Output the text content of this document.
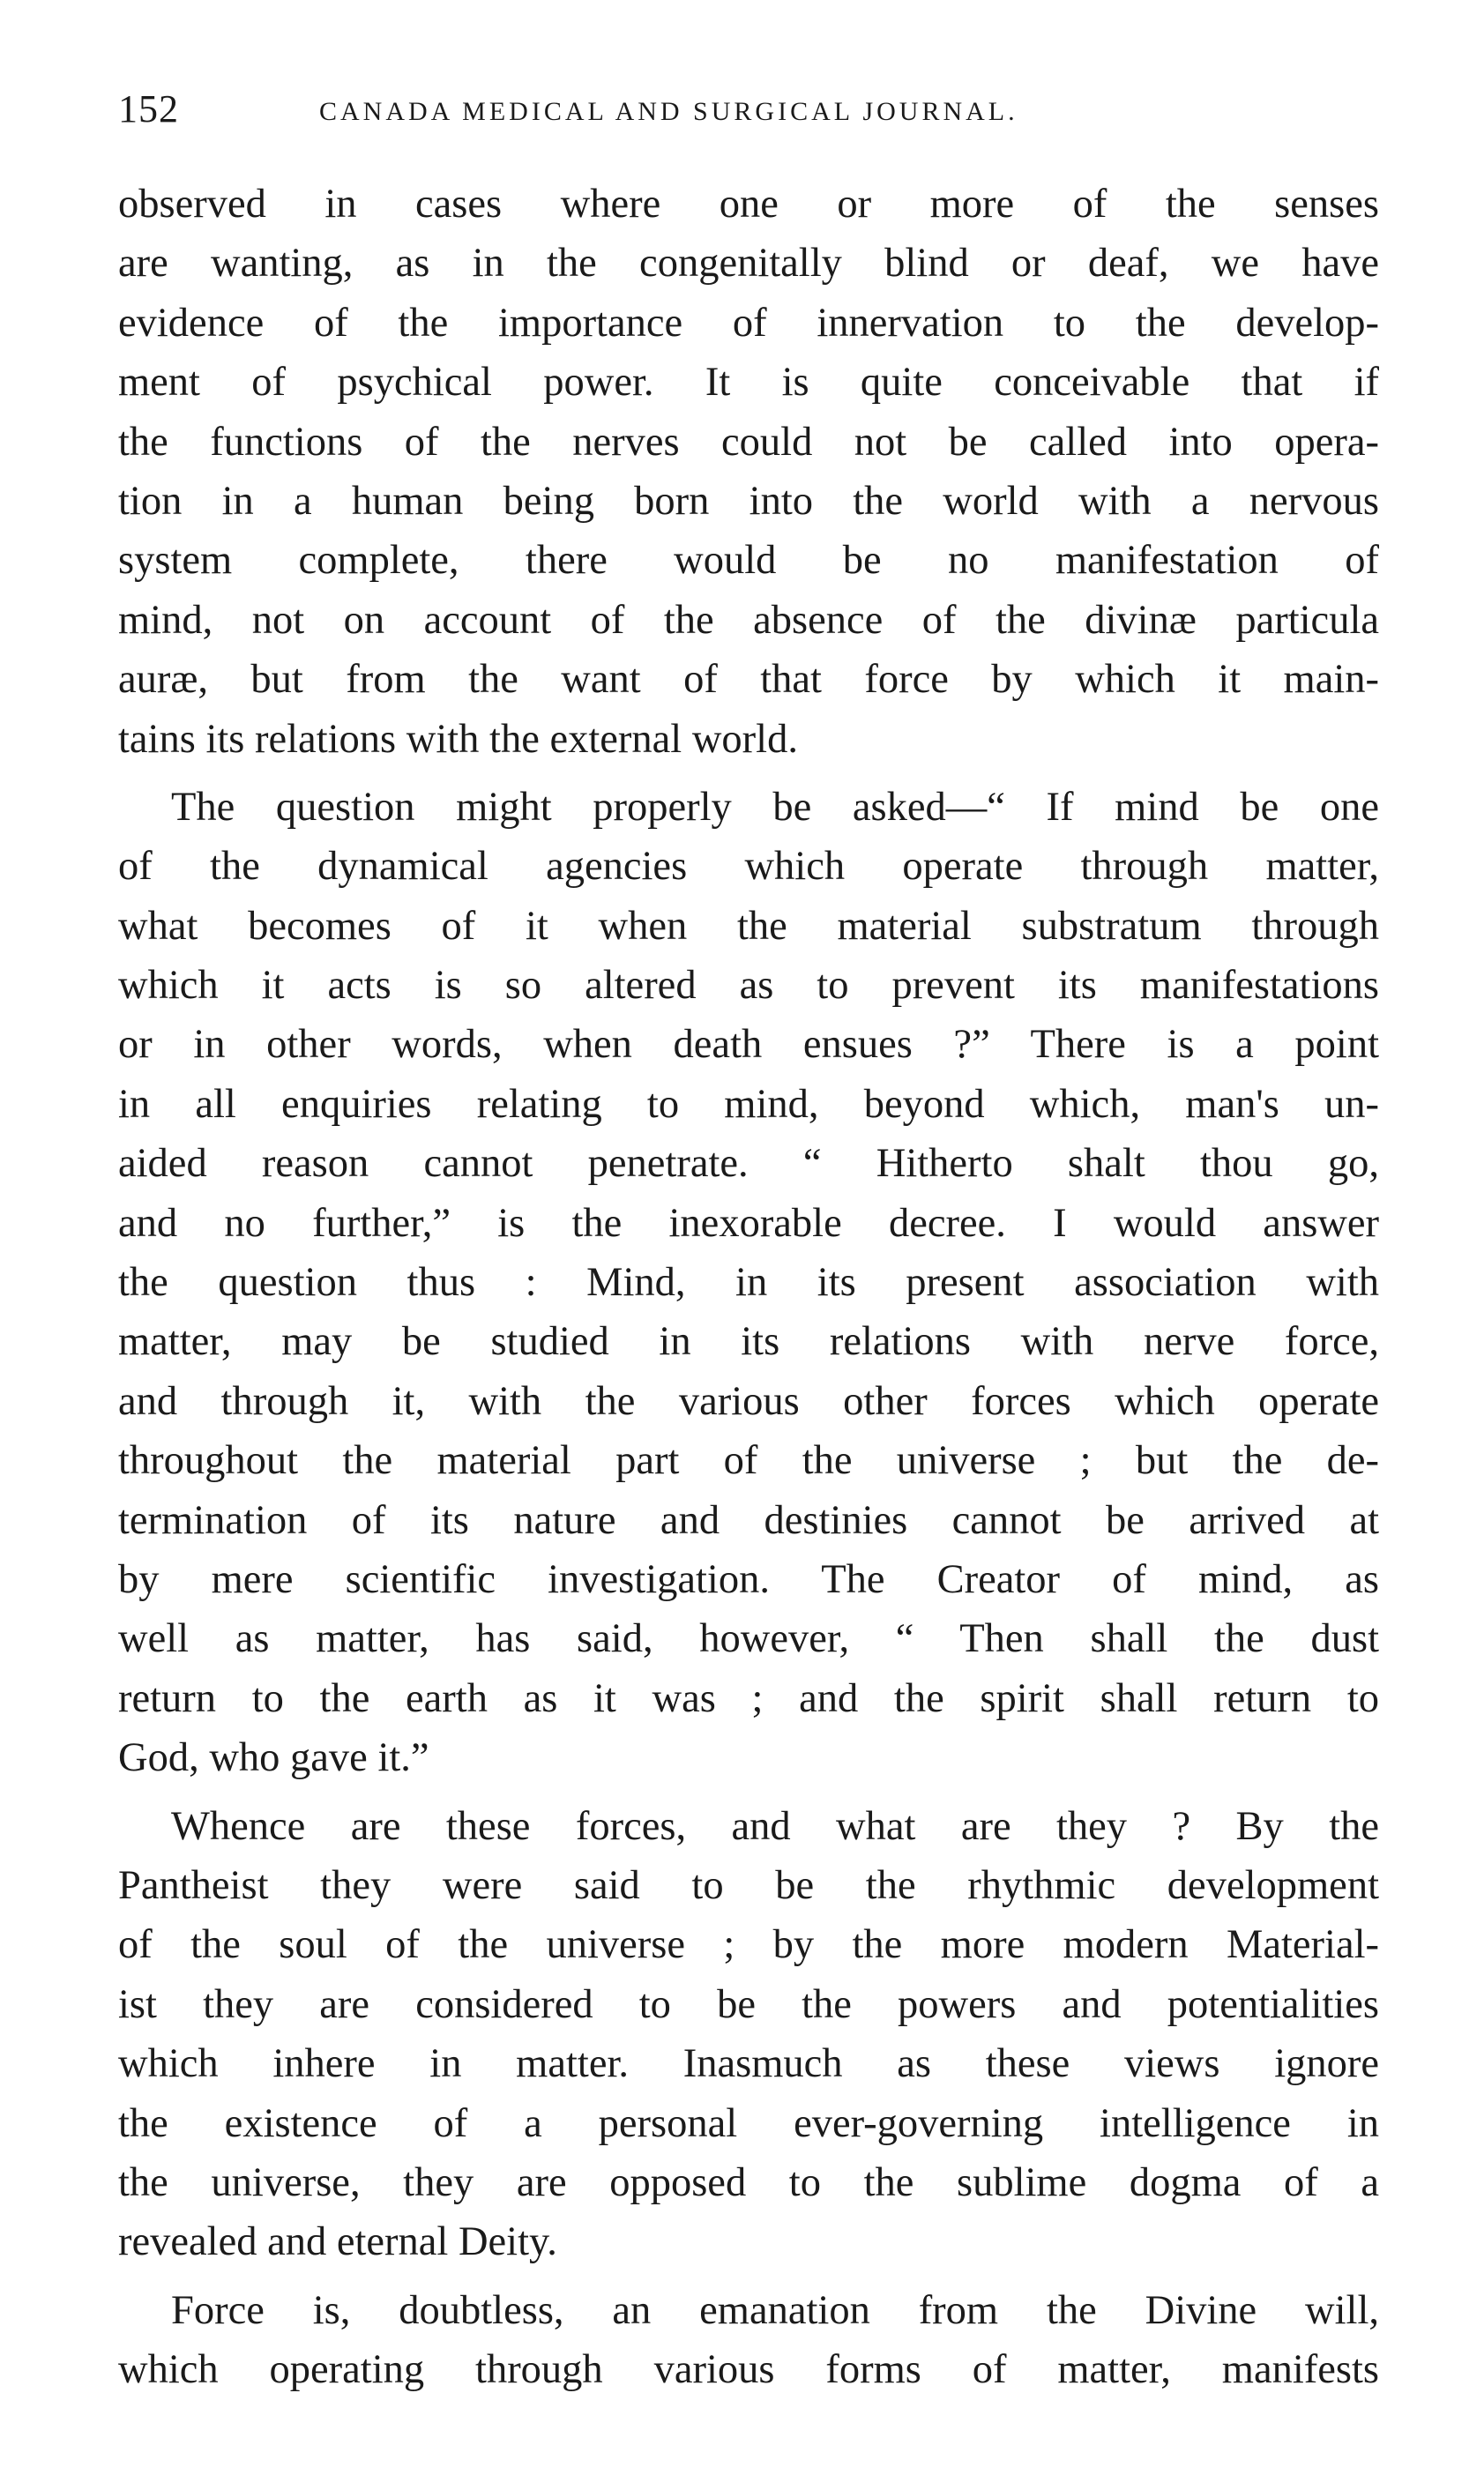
152	CANADA MEDICAL AND SURGICAL JOURNAL.
observed in cases where one or more of the senses
are wanting, as in the congenitally blind or deaf, we have
evidence of the importance of innervation to the develop-
ment of psychical power. It is quite conceivable that if
the functions of the nerves could not be called into opera-
tion in a human being born into the world with a nervous
system complete, there would be no manifestation of
mind, not on account of the absence of the divinæ particula
auræ, but from the want of that force by which it main-
tains its relations with the external world.
The question might properly be asked—“ If mind be one
of the dynamical agencies which operate through matter,
what becomes of it when the material substratum through
which it acts is so altered as to prevent its manifestations
or in other words, when death ensues ?” There is a point
in all enquiries relating to mind, beyond which, man's un-
aided reason cannot penetrate. “ Hitherto shalt thou go,
and no further,” is the inexorable decree. I would answer
the question thus : Mind, in its present association with
matter, may be studied in its relations with nerve force,
and through it, with the various other forces which operate
throughout the material part of the universe ; but the de-
termination of its nature and destinies cannot be arrived at
by mere scientific investigation. The Creator of mind, as
well as matter, has said, however, “ Then shall the dust
return to the earth as it was ; and the spirit shall return to
God, who gave it.”
Whence are these forces, and what are they ? By the
Pantheist they were said to be the rhythmic development
of the soul of the universe ; by the more modern Material-
ist they are considered to be the powers and potentialities
which inhere in matter. Inasmuch as these views ignore
the existence of a personal ever-governing intelligence in
the universe, they are opposed to the sublime dogma of a
revealed and eternal Deity.
Force is, doubtless, an emanation from the Divine will,
which operating through various forms of matter, manifests
